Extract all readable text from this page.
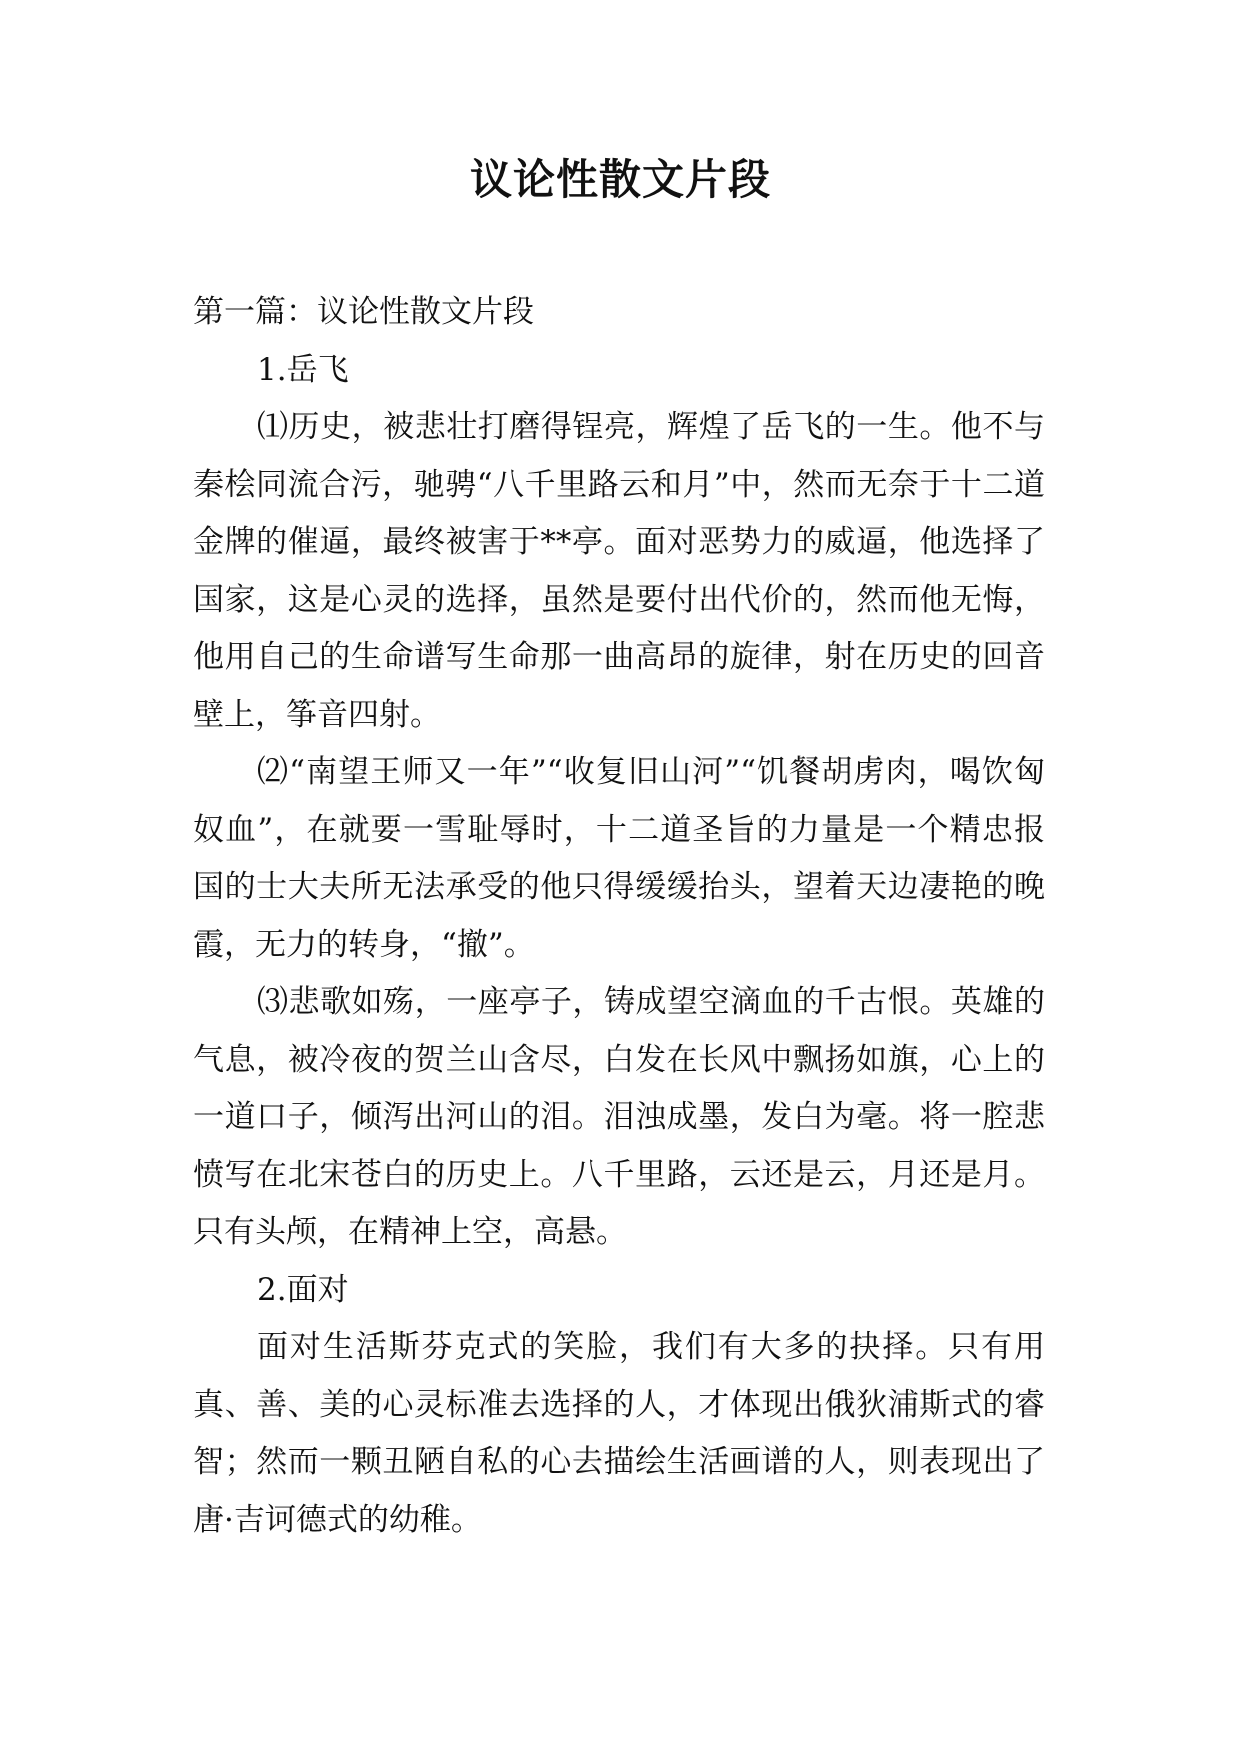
议论性散文片段

第一篇：议论性散文片段

1.岳飞

⑴历史，被悲壮打磨得锃亮，辉煌了岳飞的一生。他不与秦桧同流合污，驰骋“八千里路云和月”中，然而无奈于十二道金牌的催逼，最终被害于**亭。面对恶势力的威逼，他选择了国家，这是心灵的选择，虽然是要付出代价的，然而他无悔，他用自己的生命谱写生命那一曲高昂的旋律，射在历史的回音壁上，筝音四射。

⑵“南望王师又一年”“收复旧山河”“饥餐胡虏肉，喝饮匈奴血”，在就要一雪耻辱时，十二道圣旨的力量是一个精忠报国的士大夫所无法承受的他只得缓缓抬头，望着天边凄艳的晚霞，无力的转身，“撤”。

⑶悲歌如殇，一座亭子，铸成望空滴血的千古恨。英雄的气息，被冷夜的贺兰山含尽，白发在长风中飘扬如旗，心上的一道口子，倾泻出河山的泪。泪浊成墨，发白为毫。将一腔悲愤写在北宋苍白的历史上。八千里路，云还是云，月还是月。只有头颅，在精神上空，高悬。

2.面对

面对生活斯芬克式的笑脸，我们有大多的抉择。只有用真、善、美的心灵标准去选择的人，才体现出俄狄浦斯式的睿智；然而一颗丑陋自私的心去描绘生活画谱的人，则表现出了唐·吉诃德式的幼稚。
